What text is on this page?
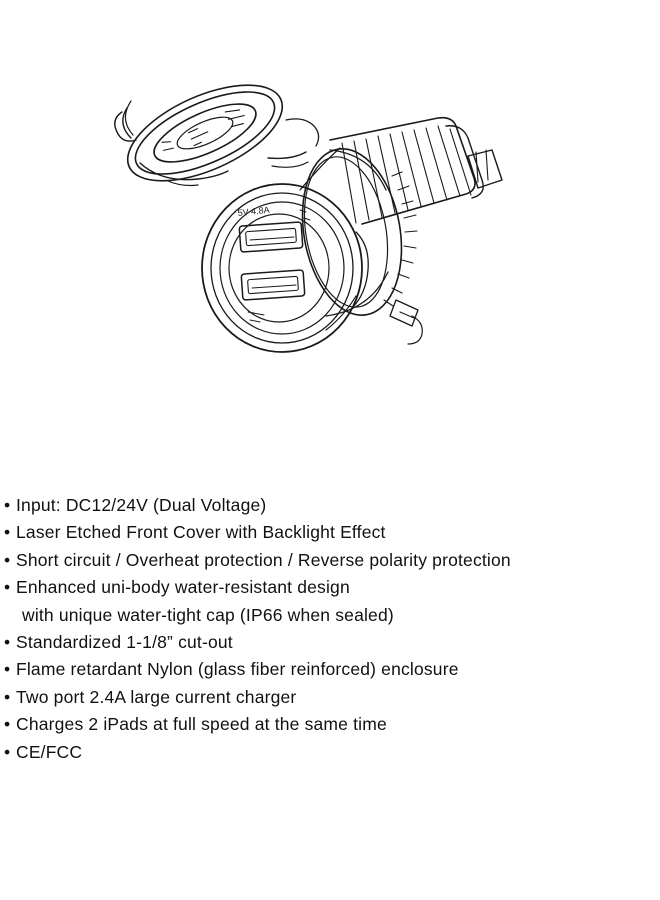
5V 4.8A
• Input: DC12/24V (Dual Voltage)
• Laser Etched Front Cover with Backlight Effect
• Short circuit / Overheat protection / Reverse polarity protection
• Enhanced uni-body water-resistant design
with unique water-tight cap (IP66 when sealed)
• Standardized 1-1/8” cut-out
• Flame retardant Nylon (glass fiber reinforced) enclosure
• Two port 2.4A large current charger
• Charges 2 iPads at full speed at the same time
• CE/FCC
